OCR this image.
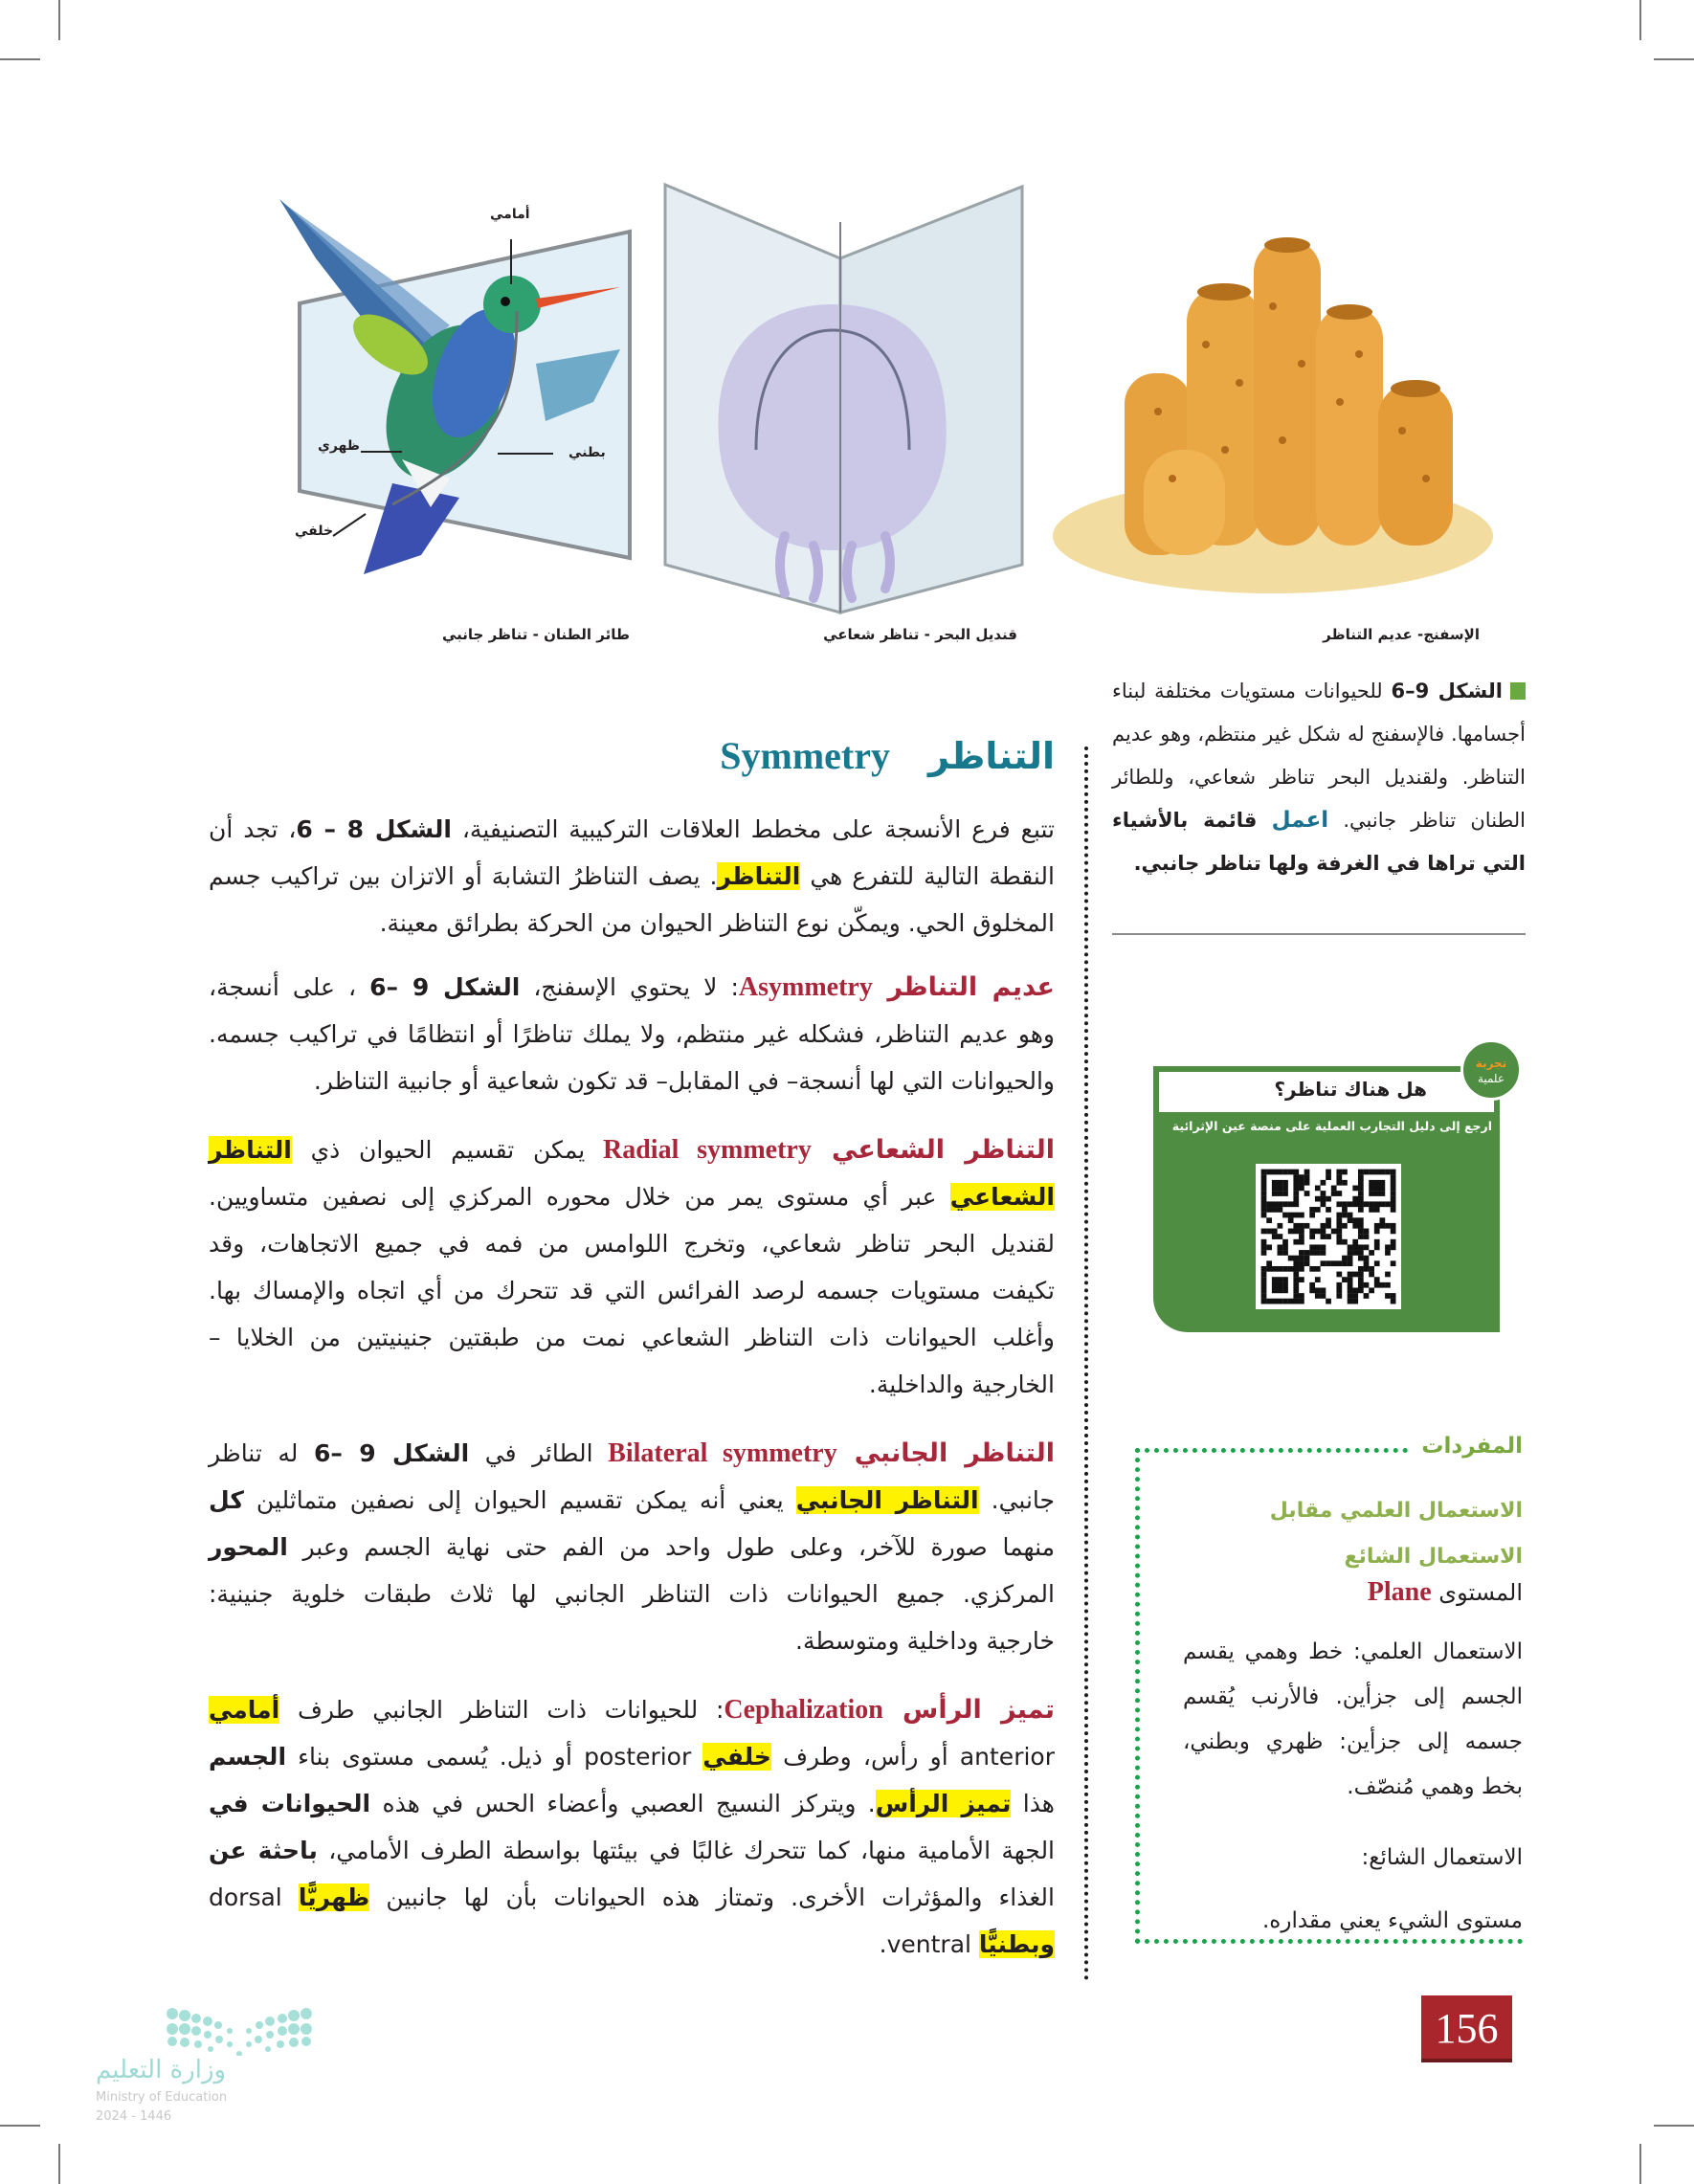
أمامي
ظهري	بطني
خلفي
طائر الطنان - تناظر جانبي	قنديل البحر - تناظر شعاعي	الإسفنج- عديم التناظر
الشكل 9–6 للحيوانات مستويات مختلفة لبناء أجسامها. فالإسفنج له شكل غير منتظم، وهو عديم التناظر. ولقنديل البحر تناظر شعاعي، وللطائر الطنان تناظر جانبي. اعمل قائمة بالأشياء التي تراها في الغرفة ولها تناظر جانبي.
التناظرSymmetry
تتبع فرع الأنسجة على مخطط العلاقات التركيبية التصنيفية، الشكل 8 – 6، تجد أن
النقطة التالية للتفرع هي التناظر. يصف التناظرُ التشابهَ أو الاتزان بين تراكيب جسم
المخلوق الحي. ويمكّن نوع التناظر الحيوان من الحركة بطرائق معينة.
عديم التناظر Asymmetry: لا يحتوي الإسفنج، الشكل 9 –6 ، على أنسجة،
وهو عديم التناظر، فشكله غير منتظم، ولا يملك تناظرًا أو انتظامًا في تراكيب جسمه.
والحيوانات التي لها أنسجة– في المقابل– قد تكون شعاعية أو جانبية التناظر.
التناظر الشعاعي Radial symmetry يمكن تقسيم الحيوان ذي التناظر
الشعاعي عبر أي مستوى يمر من خلال محوره المركزي إلى نصفين متساويين.
لقنديل البحر تناظر شعاعي، وتخرج اللوامس من فمه في جميع الاتجاهات، وقد
تكيفت مستويات جسمه لرصد الفرائس التي قد تتحرك من أي اتجاه والإمساك بها.
وأغلب الحيوانات ذات التناظر الشعاعي نمت من طبقتين جنينيتين من الخلايا –
الخارجية والداخلية.
التناظر الجانبي Bilateral symmetry الطائر في الشكل 9 –6 له تناظر
جانبي. التناظر الجانبي يعني أنه يمكن تقسيم الحيوان إلى نصفين متماثلين كل
منهما صورة للآخر، وعلى طول واحد من الفم حتى نهاية الجسم وعبر المحور
المركزي. جميع الحيوانات ذات التناظر الجانبي لها ثلاث طبقات خلوية جنينية:
خارجية وداخلية ومتوسطة.
تميز الرأس Cephalization: للحيوانات ذات التناظر الجانبي طرف أمامي
anterior أو رأس، وطرف خلفي posterior أو ذيل. يُسمى مستوى بناء الجسم
هذا تميز الرأس. ويتركز النسيج العصبي وأعضاء الحس في هذه الحيوانات في
الجهة الأمامية منها، كما تتحرك غالبًا في بيئتها بواسطة الطرف الأمامي، باحثة عن
الغذاء والمؤثرات الأخرى. وتمتاز هذه الحيوانات بأن لها جانبين ظهريًّا dorsal
وبطنيًّا ventral.
هل هناك تناظر؟
ارجع إلى دليل التجارب العملية على منصة عين الإثرائية
تجربة
علمية
المفردات
الاستعمال العلمي مقابل
الاستعمال الشائع
المستوى Plane
الاستعمال العلمي: خط وهمي يقسم الجسم إلى جزأين. فالأرنب يُقسم جسمه إلى جزأين: ظهري وبطني، بخط وهمي مُنصّف.
الاستعمال الشائع:
مستوى الشيء يعني مقداره.
156
وزارة التعليم
Ministry of Education
2024 - 1446
